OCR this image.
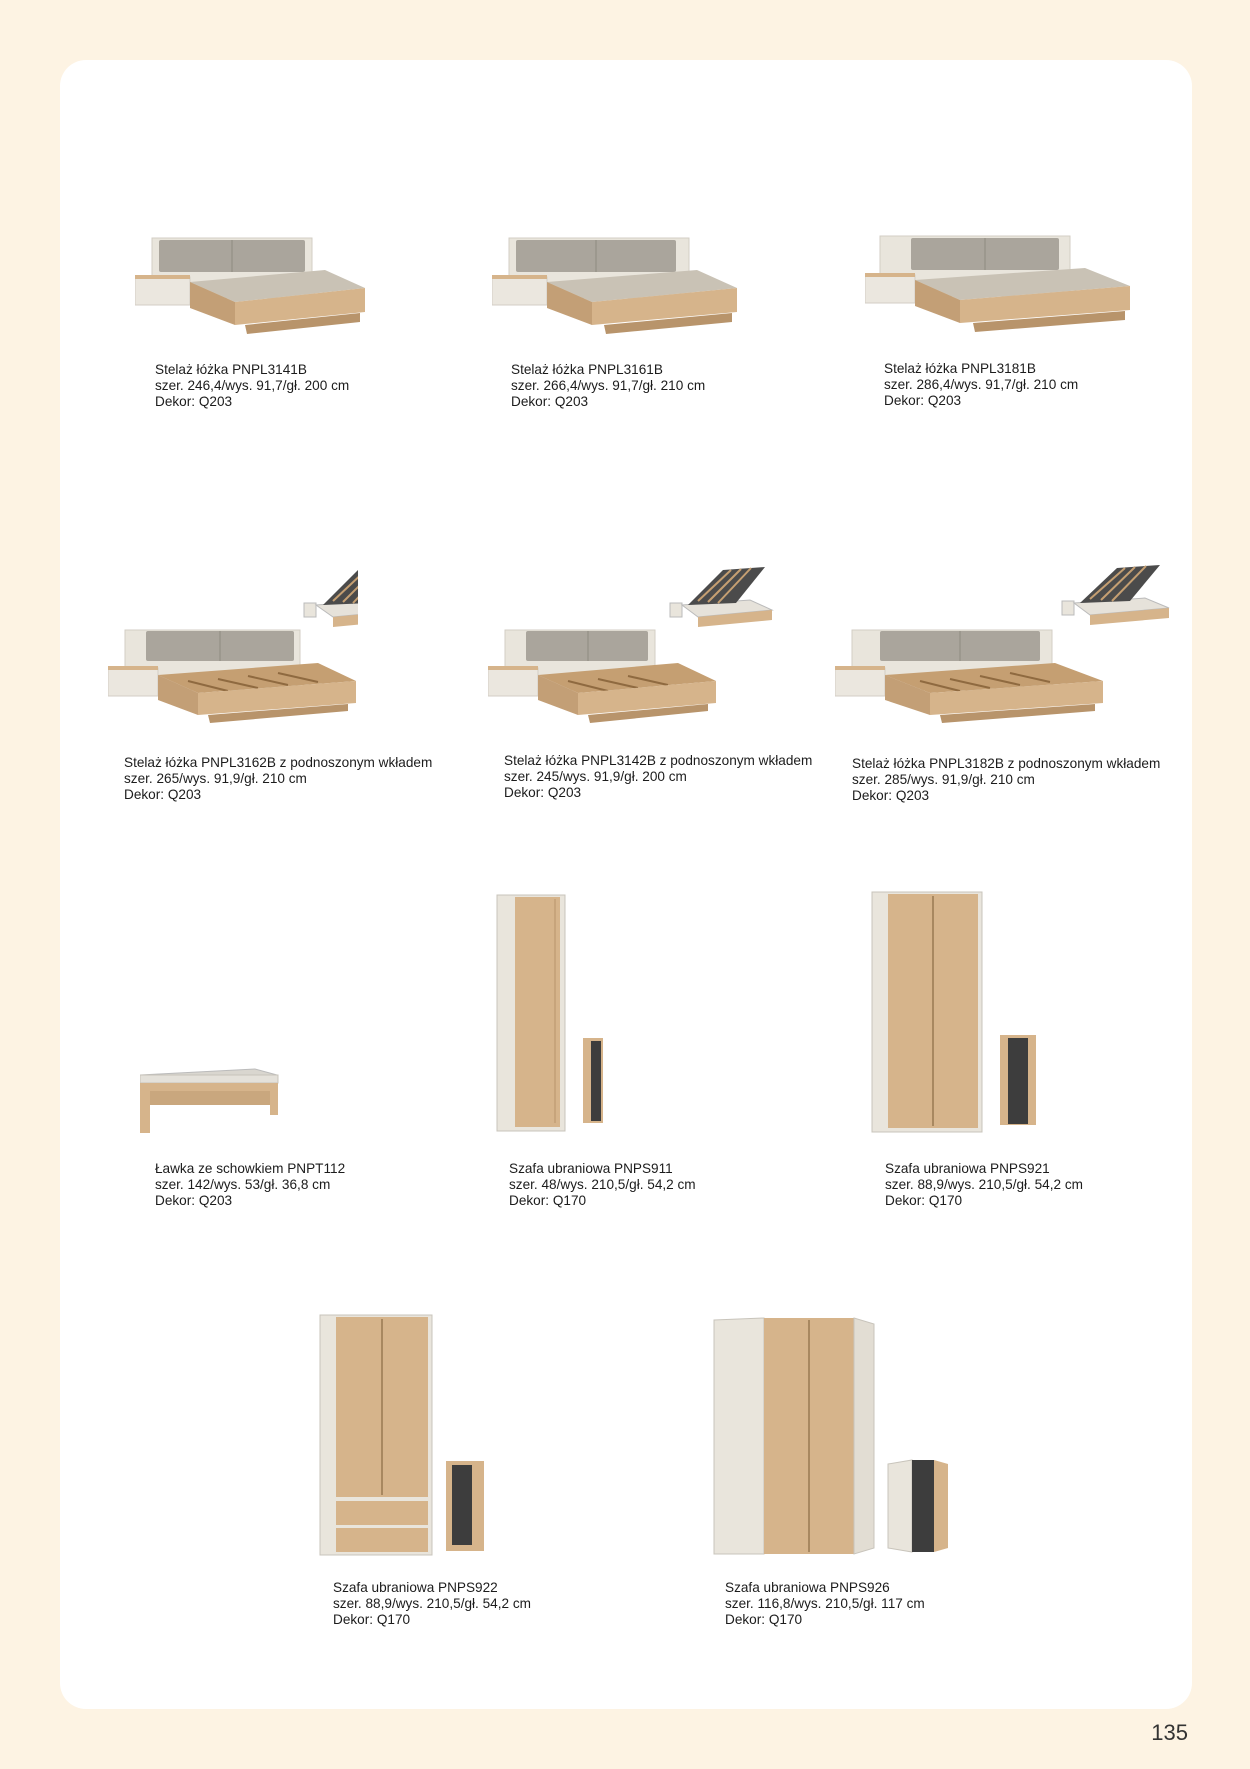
Stelaż łóżka PNPL3141B
szer. 246,4/wys. 91,7/gł. 200 cm
Dekor: Q203
Stelaż łóżka PNPL3161B
szer. 266,4/wys. 91,7/gł. 210 cm
Dekor: Q203
Stelaż łóżka PNPL3181B
szer. 286,4/wys. 91,7/gł. 210 cm
Dekor: Q203
Stelaż łóżka PNPL3162B z podnoszonym wkładem
szer. 265/wys. 91,9/gł. 210 cm
Dekor: Q203
Stelaż łóżka PNPL3142B z podnoszonym wkładem
szer. 245/wys. 91,9/gł. 200 cm
Dekor: Q203
Stelaż łóżka PNPL3182B z podnoszonym wkładem
szer. 285/wys. 91,9/gł. 210 cm
Dekor: Q203
Ławka ze schowkiem PNPT112
szer. 142/wys. 53/gł. 36,8 cm
Dekor: Q203
Szafa ubraniowa PNPS911
szer. 48/wys. 210,5/gł. 54,2 cm
Dekor: Q170
Szafa ubraniowa PNPS921
szer. 88,9/wys. 210,5/gł. 54,2 cm
Dekor: Q170
Szafa ubraniowa PNPS922
szer. 88,9/wys. 210,5/gł. 54,2 cm
Dekor: Q170
Szafa ubraniowa PNPS926
szer. 116,8/wys. 210,5/gł. 117 cm
Dekor: Q170
135
